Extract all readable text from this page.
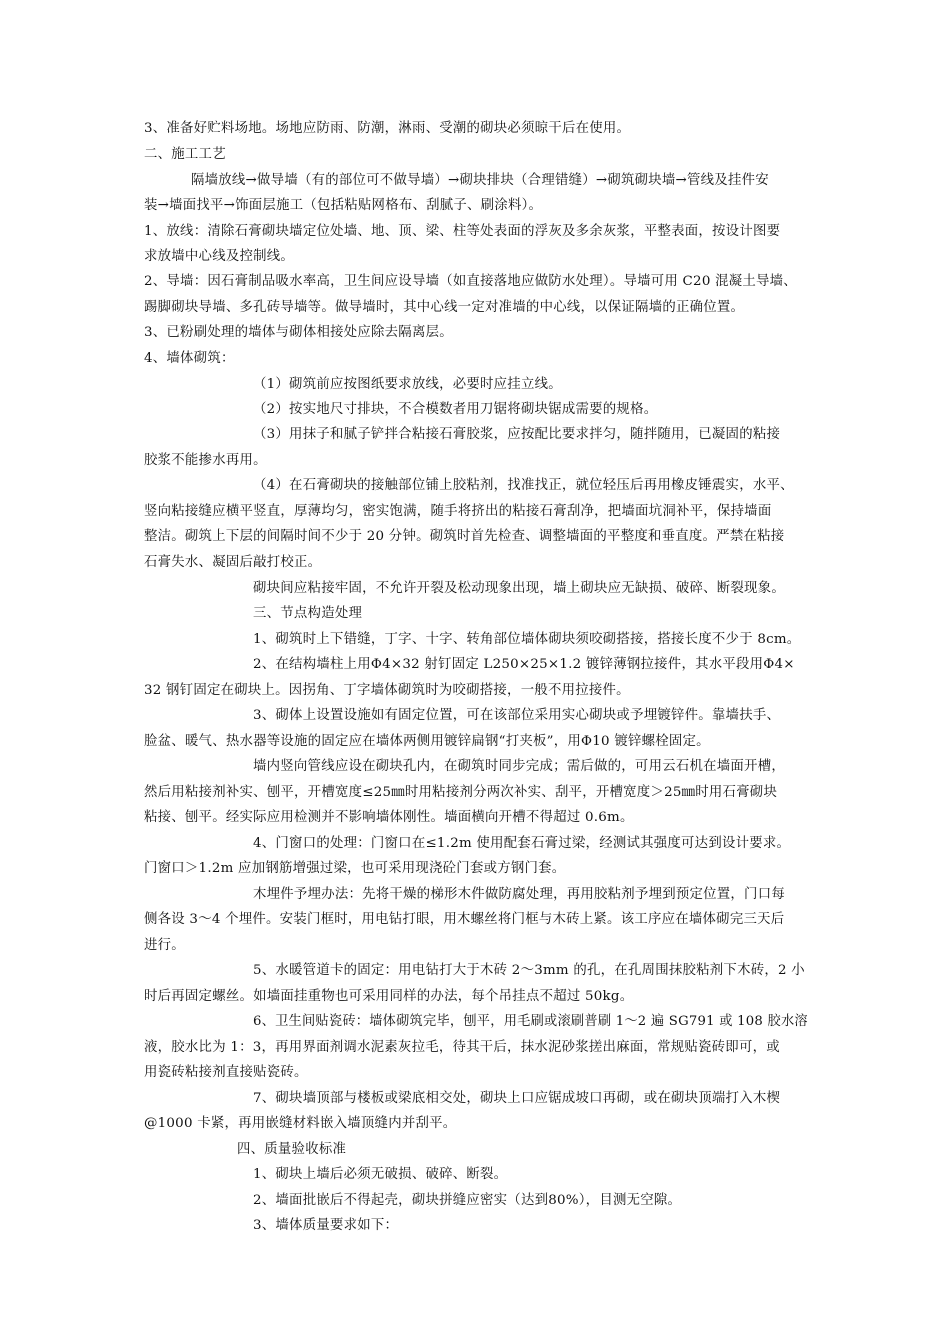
3、准备好贮料场地。场地应防雨、防潮，淋雨、受潮的砌块必须晾干后在使用。
二、施工工艺
隔墙放线→做导墙（有的部位可不做导墙）→砌块排块（合理错缝）→砌筑砌块墙→管线及挂件安
装→墙面找平→饰面层施工（包括粘贴网格布、刮腻子、刷涂料）。
1、放线：清除石膏砌块墙定位处墙、地、顶、梁、柱等处表面的浮灰及多余灰浆，平整表面，按设计图要
求放墙中心线及控制线。
2、导墙：因石膏制品吸水率高，卫生间应设导墙（如直接落地应做防水处理）。导墙可用 C20 混凝土导墙、
踢脚砌块导墙、多孔砖导墙等。做导墙时，其中心线一定对准墙的中心线，以保证隔墙的正确位置。
3、已粉刷处理的墙体与砌体相接处应除去隔离层。
4、墙体砌筑：
（1）砌筑前应按图纸要求放线，必要时应挂立线。
（2）按实地尺寸排块，不合模数者用刀锯将砌块锯成需要的规格。
（3）用抹子和腻子铲拌合粘接石膏胶浆，应按配比要求拌匀，随拌随用，已凝固的粘接
胶浆不能掺水再用。
（4）在石膏砌块的接触部位铺上胶粘剂，找准找正，就位轻压后再用橡皮锤震实，水平、
竖向粘接缝应横平竖直，厚薄均匀，密实饱满，随手将挤出的粘接石膏刮净，把墙面坑洞补平，保持墙面
整洁。砌筑上下层的间隔时间不少于 20 分钟。砌筑时首先检查、调整墙面的平整度和垂直度。严禁在粘接
石膏失水、凝固后敲打校正。
砌块间应粘接牢固，不允许开裂及松动现象出现，墙上砌块应无缺损、破碎、断裂现象。
三、节点构造处理
1、砌筑时上下错缝，丁字、十字、转角部位墙体砌块须咬砌搭接，搭接长度不少于 8cm。
2、在结构墙柱上用Φ4×32 射钉固定 L250×25×1.2 镀锌薄钢拉接件，其水平段用Φ4×
32 钢钉固定在砌块上。因拐角、丁字墙体砌筑时为咬砌搭接，一般不用拉接件。
3、砌体上设置设施如有固定位置，可在该部位采用实心砌块或予埋镀锌件。靠墙扶手、
脸盆、暖气、热水器等设施的固定应在墙体两侧用镀锌扁钢“打夹板”，用Φ10 镀锌螺栓固定。
墙内竖向管线应设在砌块孔内，在砌筑时同步完成；需后做的，可用云石机在墙面开槽，
然后用粘接剂补实、刨平，开槽宽度≤25㎜时用粘接剂分两次补实、刮平，开槽宽度＞25㎜时用石膏砌块
粘接、刨平。经实际应用检测并不影响墙体刚性。墙面横向开槽不得超过 0.6m。
4、门窗口的处理：门窗口在≤1.2m 使用配套石膏过梁，经测试其强度可达到设计要求。
门窗口＞1.2m 应加钢筋增强过梁，也可采用现浇砼门套或方钢门套。
木埋件予埋办法：先将干燥的梯形木件做防腐处理，再用胶粘剂予埋到预定位置，门口每
侧各设 3～4 个埋件。安装门框时，用电钻打眼，用木螺丝将门框与木砖上紧。该工序应在墙体砌完三天后
进行。
5、水暖管道卡的固定：用电钻打大于木砖 2～3mm 的孔，在孔周围抹胶粘剂下木砖，2 小
时后再固定螺丝。如墙面挂重物也可采用同样的办法，每个吊挂点不超过 50kg。
6、卫生间贴瓷砖：墙体砌筑完毕，刨平，用毛刷或滚刷普刷 1～2 遍 SG791 或 108 胶水溶
液，胶水比为 1：3，再用界面剂调水泥素灰拉毛，待其干后，抹水泥砂浆搓出麻面，常规贴瓷砖即可，或
用瓷砖粘接剂直接贴瓷砖。
7、砌块墙顶部与楼板或梁底相交处，砌块上口应锯成坡口再砌，或在砌块顶端打入木楔
@1000 卡紧，再用嵌缝材料嵌入墙顶缝内并刮平。
四、质量验收标准
1、砌块上墙后必须无破损、破碎、断裂。
2、墙面批嵌后不得起壳，砌块拼缝应密实（达到80%），目测无空隙。
3、墙体质量要求如下：
